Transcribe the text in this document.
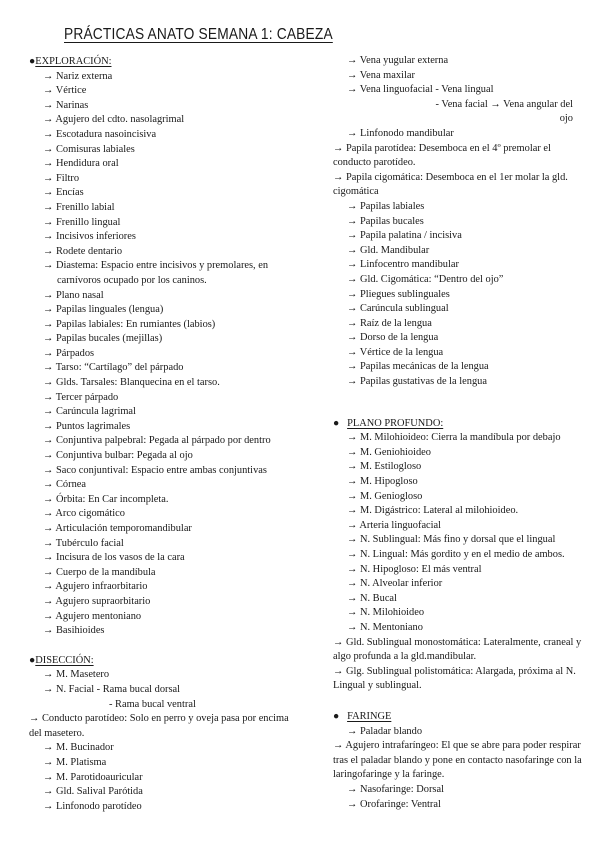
PRÁCTICAS ANATO SEMANA 1: CABEZA
●EXPLORACIÓN:
→ Nariz externa
→ Vértice
→ Narinas
→ Agujero del cdto. nasolagrimal
→ Escotadura nasoincisiva
→ Comisuras labiales
→ Hendidura oral
→ Filtro
→ Encías
→ Frenillo labial
→ Frenillo lingual
→ Incisivos inferiores
→ Rodete dentario
→ Diastema: Espacio entre incisivos y premolares, en carnívoros ocupado por los caninos.
→ Plano nasal
→ Papilas linguales (lengua)
→ Papilas labiales: En rumiantes (labios)
→ Papilas bucales (mejillas)
→ Párpados
→ Tarso: “Cartílago” del párpado
→ Glds. Tarsales: Blanquecina en el tarso.
→ Tercer párpado
→ Carúncula lagrimal
→ Puntos lagrimales
→ Conjuntiva palpebral: Pegada al párpado por dentro
→ Conjuntiva bulbar: Pegada al ojo
→ Saco conjuntival: Espacio entre ambas conjuntivas
→ Córnea
→ Órbita: En Car incompleta.
→ Arco cigomático
→ Articulación temporomandibular
→ Tubérculo facial
→ Incisura de los vasos de la cara
→ Cuerpo de la mandíbula
→ Agujero infraorbitario
→ Agujero supraorbitario
→ Agujero mentoniano
→ Basihioides
●DISECCIÓN:
→ M. Masetero
→ N. Facial - Rama bucal dorsal
- Rama bucal ventral
→ Conducto parotídeo: Solo en perro y oveja pasa por encima del masetero.
→ M. Bucinador
→ M. Platisma
→ M. Parotidoauricular
→ Gld. Salival Parótida
→ Linfonodo parotídeo
→ Vena yugular externa
→ Vena maxilar
→ Vena linguofacial - Vena lingual
- Vena facial → Vena angular del ojo
→ Linfonodo mandibular
→ Papila parotídea: Desemboca en el 4º premolar el conducto parotídeo.
→ Papila cigomática: Desemboca en el 1er molar la gld. cigomática
→ Papilas labiales
→ Papilas bucales
→ Papila palatina / incisiva
→ Gld. Mandibular
→ Linfocentro mandibular
→ Gld. Cigomática: “Dentro del ojo”
→ Pliegues sublinguales
→ Carúncula sublingual
→ Raíz de la lengua
→ Dorso de la lengua
→ Vértice de la lengua
→ Papilas mecánicas de la lengua
→ Papilas gustativas de la lengua
● PLANO PROFUNDO:
→ M. Milohioideo: Cierra la mandíbula por debajo
→ M. Geniohioideo
→ M. Estilogloso
→ M. Hipogloso
→ M. Geniogloso
→ M. Digástrico: Lateral al milohioideo.
→ Arteria linguofacial
→ N. Sublingual: Más fino y dorsal que el lingual
→ N. Lingual: Más gordito y en el medio de ambos.
→ N. Hipogloso: El más ventral
→ N. Alveolar inferior
→ N. Bucal
→ N. Milohioideo
→ N. Mentoniano
→ Gld. Sublingual monostomática: Lateralmente, craneal y algo profunda a la gld.mandibular.
→ Glg. Sublingual polistomática: Alargada, próxima al N. Lingual y sublingual.
● FARINGE
→ Paladar blando
→ Agujero intrafaríngeo: El que se abre para poder respirar tras el paladar blando y pone en contacto nasofaringe con la laringofaringe y la faringe.
→ Nasofaringe: Dorsal
→ Orofaringe: Ventral
